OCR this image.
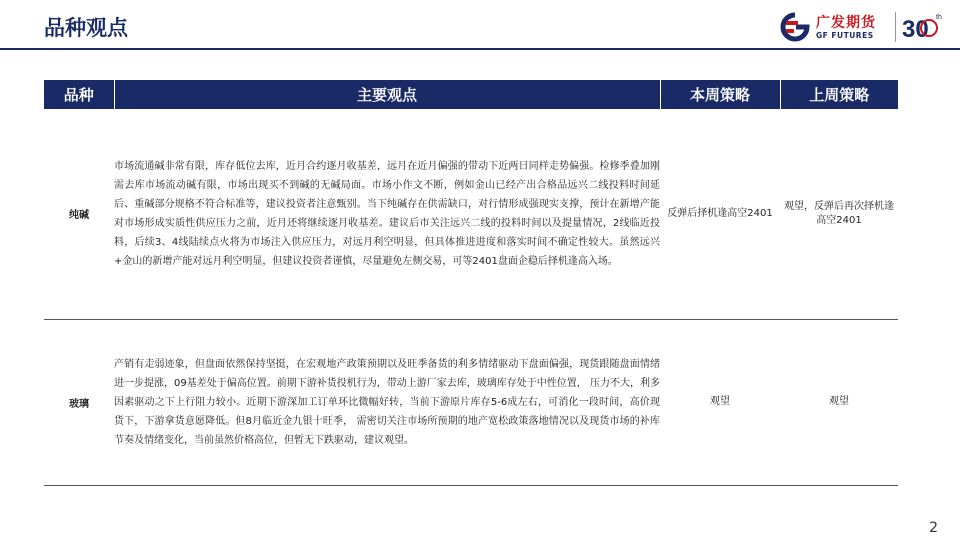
品种观点	广发期货
GF FUTURES 30 th
品种	主要观点	本周策略	上周策略
纯碱	市场流通碱非常有限，库存低位去库，近月合约逐月收基差，远月在近月偏强的带动下近两日同样走势偏强。检修季叠加刚需去库市场流动碱有限，市场出现买不到碱的无碱局面。市场小作文不断，例如金山已经产出合格品远兴二线投料时间延后、重碱部分规格不符合标准等，建议投资者注意甄别。当下纯碱存在供需缺口，对行情形成强现实支撑，预计在新增产能对市场形成实质性供应压力之前，近月还将继续逐月收基差。建议后市关注远兴二线的投料时间以及提量情况，2线临近投料，后续3、4线陆续点火将为市场注入供应压力，对远月利空明显，但具体推进进度和落实时间不确定性较大。虽然远兴+金山的新增产能对远月利空明显，但建议投资者谨慎，尽量避免左侧交易，可等2401盘面企稳后择机逢高入场。	反弹后择机逢高空2401	观望，反弹后再次择机逢高空2401
玻璃	产销有走弱迹象，但盘面依然保持坚挺，在宏观地产政策预期以及旺季备货的利多情绪驱动下盘面偏强，现货跟随盘面情绪进一步提涨，09基差处于偏高位置。前期下游补货投机行为，带动上游厂家去库，玻璃库存处于中性位置， 压力不大，利多因素驱动之下上行阻力较小。近期下游深加工订单环比微幅好转，当前下游原片库存5-6成左右，可消化一段时间，高价现货下，下游拿货意愿降低。但8月临近金九银十旺季， 需密切关注市场所预期的地产宽松政策落地情况以及现货市场的补库节奏及情绪变化，当前虽然价格高位，但暂无下跌驱动，建议观望。	观望	观望
2
